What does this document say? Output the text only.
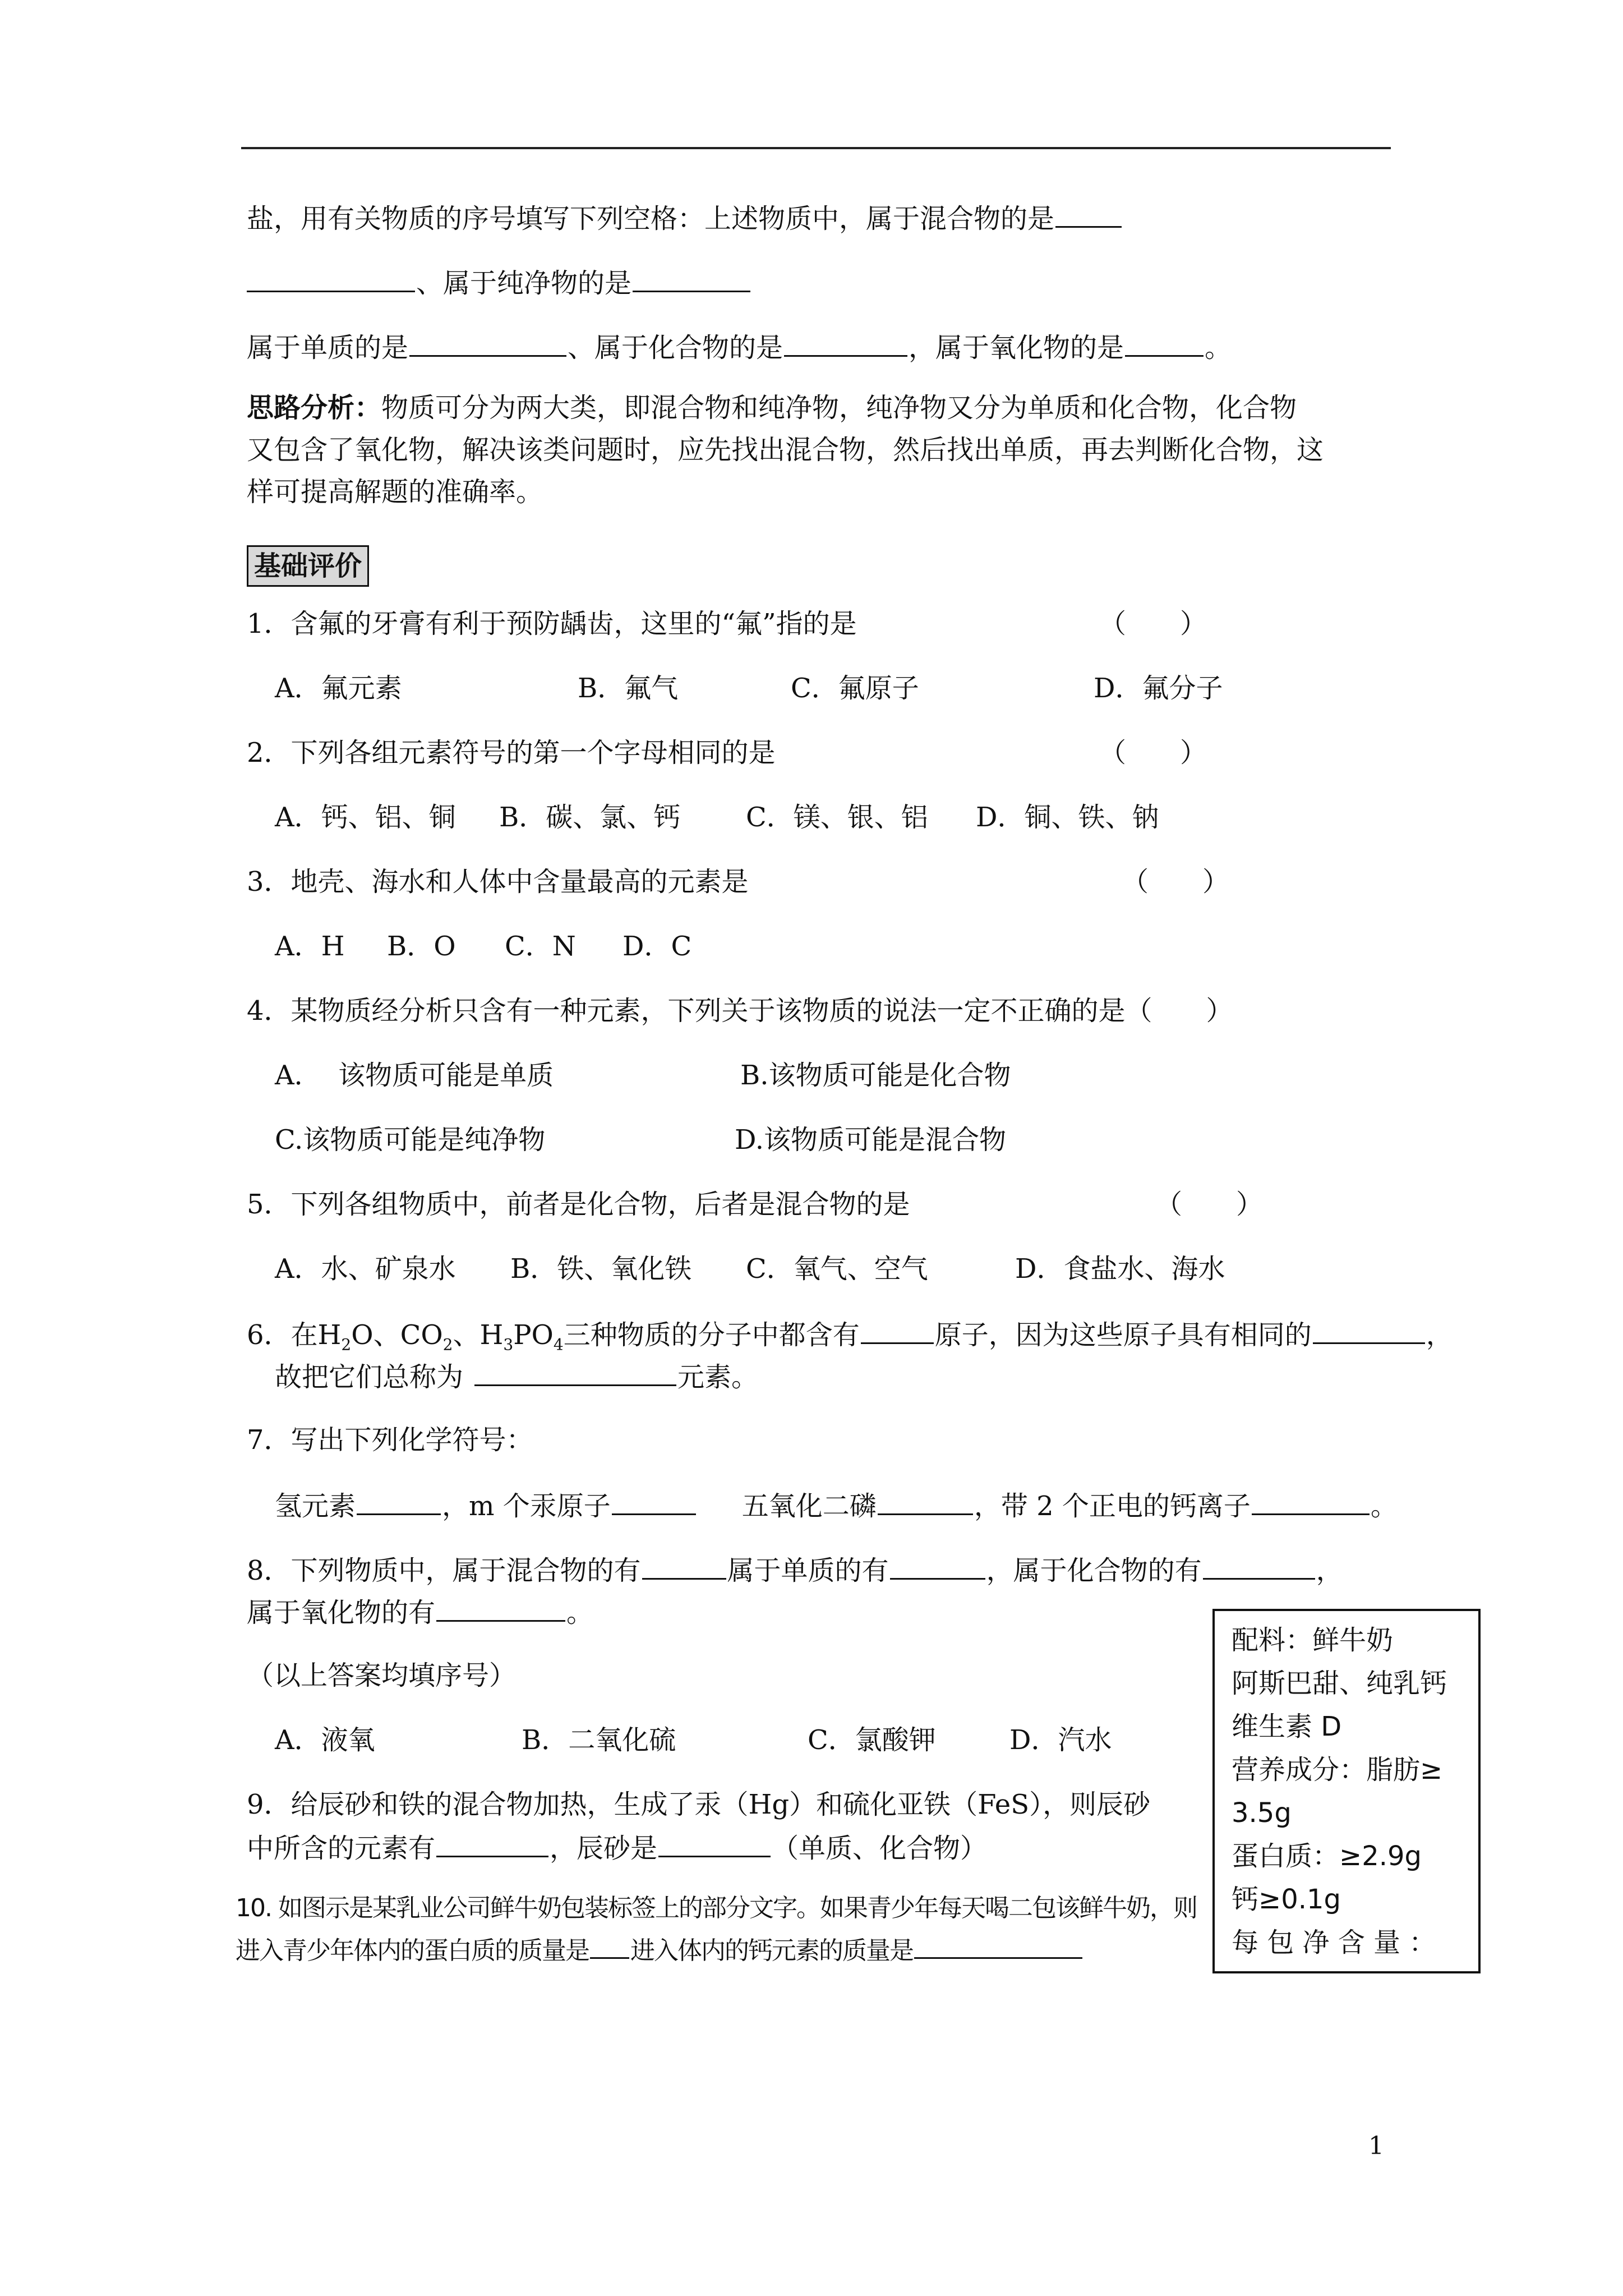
盐，用有关物质的序号填写下列空格：上述物质中，属于混合物的是
、属于纯净物的是
属于单质的是	、属于化合物的是	，属于氧化物的是	。
思路分析：物质可分为两大类，即混合物和纯净物，纯净物又分为单质和化合物，化合物
又包含了氧化物，解决该类问题时，应先找出混合物，然后找出单质，再去判断化合物，这
样可提高解题的准确率。
基础评价
1．含氟的牙膏有利于预防龋齿，这里的“氟”指的是	（　　）
A．氟元素	B．氟气	C．氟原子	D．氟分子
2．下列各组元素符号的第一个字母相同的是	（　　）
A．钙、铝、铜 B．碳、氯、钙 C．镁、银、铝 D．铜、铁、钠
3．地壳、海水和人体中含量最高的元素是	（　　）
A．H B．O C．N D．C
4．某物质经分析只含有一种元素，下列关于该物质的说法一定不正确的是（　　）
A．  该物质可能是单质	B.该物质可能是化合物
C.该物质可能是纯净物	D.该物质可能是混合物
5．下列各组物质中，前者是化合物，后者是混合物的是	（　　）
A．水、矿泉水 B．铁、氧化铁 C．氧气、空气	D．食盐水、海水
6．在$H_2O$、$CO_2$、$H_3PO_4$三种物质的分子中都含有	原子，因为这些原子具有相同的	，
故把它们总称为	元素。
7．写出下列化学符号：
氢元素	，m 个汞原子	五氧化二磷	，带 2 个正电的钙离子	。
8．下列物质中，属于混合物的有	属于单质的有	，属于化合物的有	，
属于氧化物的有	。
（以上答案均填序号）
A．液氧	B．二氧化硫	C．氯酸钾	D．汽水
9．给辰砂和铁的混合物加热，生成了汞（Hg）和硫化亚铁（FeS），则辰砂
中所含的元素有	，辰砂是	（单质、化合物）
10. 如图示是某乳业公司鲜牛奶包装标签上的部分文字。如果青少年每天喝二包该鲜牛奶，则
进入青少年体内的蛋白质的质量是 进入体内的钙元素的质量是
配料：鲜牛奶
阿斯巴甜、纯乳钙
维生素 D
营养成分：脂肪≥
3.5g
蛋白质：≥2.9g
钙≥0.1g
每 包 净 含 量 ：
1
